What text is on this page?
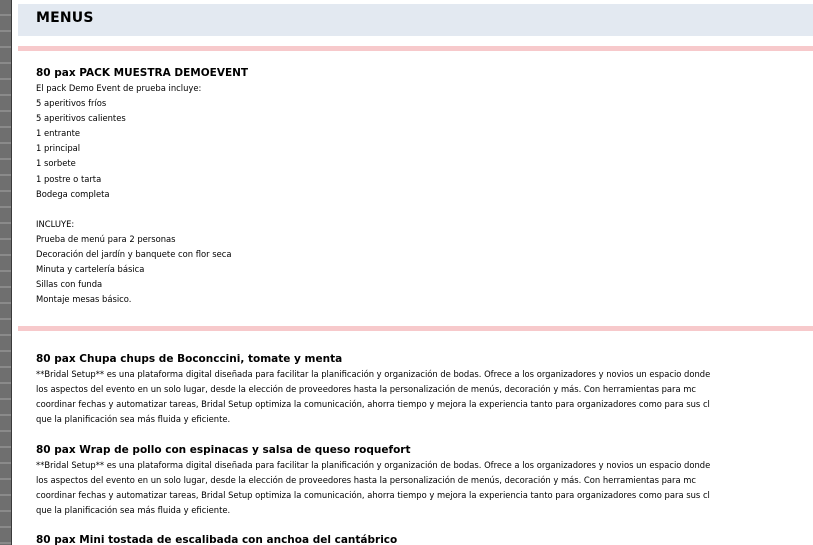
MENUS
80 pax PACK MUESTRA DEMOEVENT
El pack Demo Event de prueba incluye:
5 aperitivos fríos
5 aperitivos calientes
1 entrante
1 principal
1 sorbete
1 postre o tarta
Bodega completa
INCLUYE:
Prueba de menú para 2 personas
Decoración del jardín y banquete con flor seca
Minuta y cartelería básica
Sillas con funda
Montaje mesas básico.
80 pax Chupa chups de Boconccini, tomate y menta
**Bridal Setup** es una plataforma digital diseñada para facilitar la planificación y organización de bodas. Ofrece a los organizadores y novios un espacio donde
los aspectos del evento en un solo lugar, desde la elección de proveedores hasta la personalización de menús, decoración y más. Con herramientas para mc
coordinar fechas y automatizar tareas, Bridal Setup optimiza la comunicación, ahorra tiempo y mejora la experiencia tanto para organizadores como para sus cl
que la planificación sea más fluida y eficiente.
80 pax Wrap de pollo con espinacas y salsa de queso roquefort
**Bridal Setup** es una plataforma digital diseñada para facilitar la planificación y organización de bodas. Ofrece a los organizadores y novios un espacio donde
los aspectos del evento en un solo lugar, desde la elección de proveedores hasta la personalización de menús, decoración y más. Con herramientas para mc
coordinar fechas y automatizar tareas, Bridal Setup optimiza la comunicación, ahorra tiempo y mejora la experiencia tanto para organizadores como para sus cl
que la planificación sea más fluida y eficiente.
80 pax Mini tostada de escalibada con anchoa del cantábrico
